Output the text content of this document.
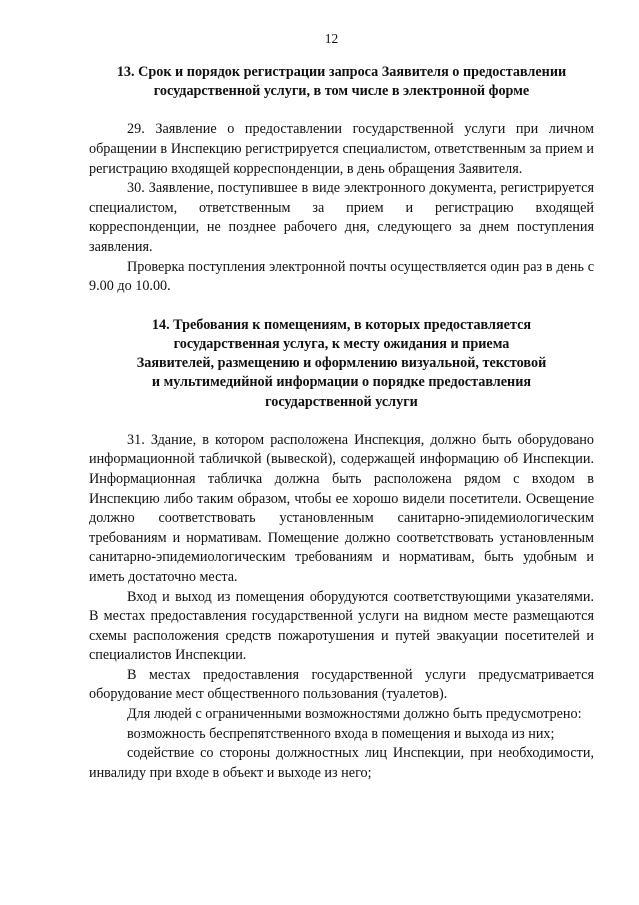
12
13. Срок и порядок регистрации запроса Заявителя о предоставлении
государственной услуги, в том числе в электронной форме

29. Заявление о предоставлении государственной услуги при личном обращении в Инспекцию регистрируется специалистом, ответственным за прием и регистрацию входящей корреспонденции, в день обращения Заявителя.

30. Заявление, поступившее в виде электронного документа, регистрируется специалистом, ответственным за прием и регистрацию входящей корреспонденции, не позднее рабочего дня, следующего за днем поступления заявления.

Проверка поступления электронной почты осуществляется один раз в день с 9.00 до 10.00.

14. Требования к помещениям, в которых предоставляется
государственная услуга, к месту ожидания и приема
Заявителей, размещению и оформлению визуальной, текстовой
и мультимедийной информации о порядке предоставления
государственной услуги

31. Здание, в котором расположена Инспекция, должно быть оборудовано информационной табличкой (вывеской), содержащей информацию об Инспекции. Информационная табличка должна быть расположена рядом с входом в Инспекцию либо таким образом, чтобы ее хорошо видели посетители. Освещение должно соответствовать установленным санитарно-эпидемиологическим требованиям и нормативам. Помещение должно соответствовать установленным санитарно-эпидемиологическим требованиям и нормативам, быть удобным и иметь достаточно места.

Вход и выход из помещения оборудуются соответствующими указателями. В местах предоставления государственной услуги на видном месте размещаются схемы расположения средств пожаротушения и путей эвакуации посетителей и специалистов Инспекции.

В местах предоставления государственной услуги предусматривается оборудование мест общественного пользования (туалетов).

Для людей с ограниченными возможностями должно быть предусмотрено:

возможность беспрепятственного входа в помещения и выхода из них;

содействие со стороны должностных лиц Инспекции, при необходимости, инвалиду при входе в объект и выходе из него;
